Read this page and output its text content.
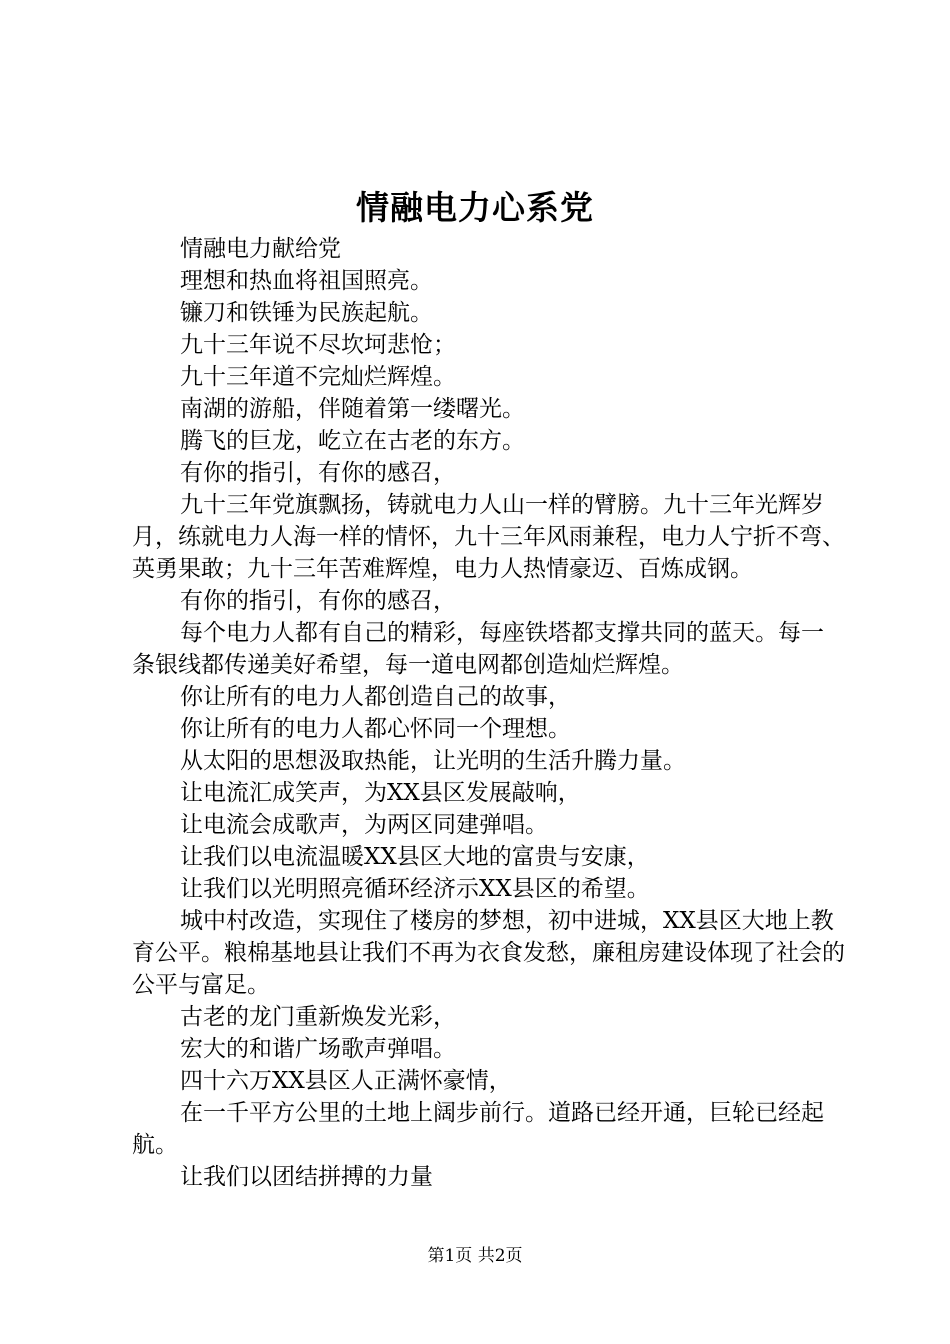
情融电力心系党

情融电力献给党

理想和热血将祖国照亮。

镰刀和铁锤为民族起航。

九十三年说不尽坎坷悲怆；

九十三年道不完灿烂辉煌。

南湖的游船，伴随着第一缕曙光。

腾飞的巨龙，屹立在古老的东方。

有你的指引，有你的感召，

九十三年党旗飘扬，铸就电力人山一样的臂膀。九十三年光辉岁月，练就电力人海一样的情怀，九十三年风雨兼程，电力人宁折不弯、英勇果敢；九十三年苦难辉煌，电力人热情豪迈、百炼成钢。

有你的指引，有你的感召，

每个电力人都有自己的精彩，每座铁塔都支撑共同的蓝天。每一条银线都传递美好希望，每一道电网都创造灿烂辉煌。

你让所有的电力人都创造自己的故事，

你让所有的电力人都心怀同一个理想。

从太阳的思想汲取热能，让光明的生活升腾力量。

让电流汇成笑声，为XX县区发展敲响，

让电流会成歌声，为两区同建弹唱。

让我们以电流温暖XX县区大地的富贵与安康，

让我们以光明照亮循环经济示XX县区的希望。

城中村改造，实现住了楼房的梦想，初中进城，XX县区大地上教育公平。粮棉基地县让我们不再为衣食发愁，廉租房建设体现了社会的公平与富足。

古老的龙门重新焕发光彩，

宏大的和谐广场歌声弹唱。

四十六万XX县区人正满怀豪情，

在一千平方公里的土地上阔步前行。道路已经开通，巨轮已经起航。

让我们以团结拼搏的力量

第1页 共2页
